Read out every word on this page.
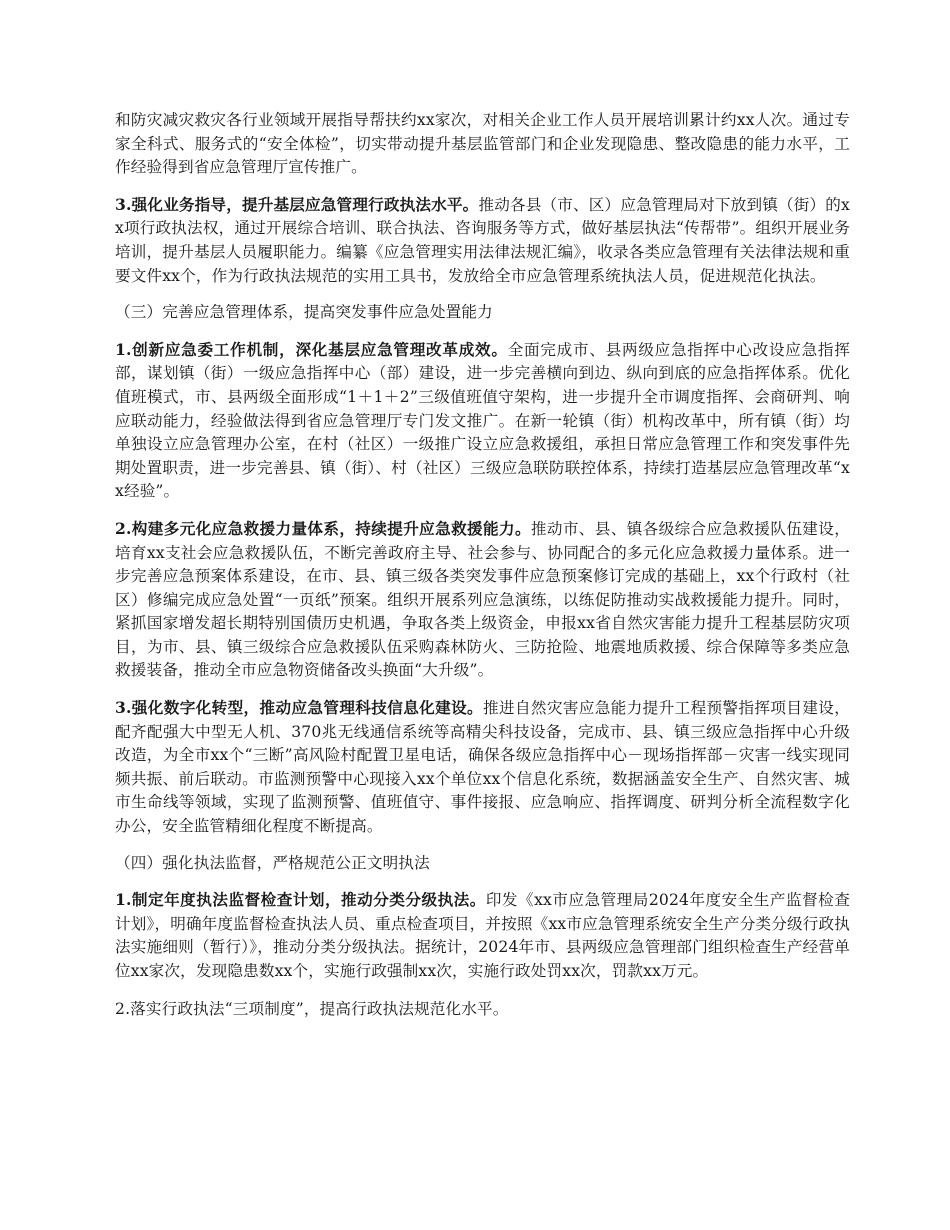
和防灾减灾救灾各行业领域开展指导帮扶约xx家次，对相关企业工作人员开展培训累计约xx人次。通过专家全科式、服务式的“安全体检”，切实带动提升基层监管部门和企业发现隐患、整改隐患的能力水平，工作经验得到省应急管理厅宣传推广。

3.强化业务指导，提升基层应急管理行政执法水平。推动各县（市、区）应急管理局对下放到镇（街）的xx项行政执法权，通过开展综合培训、联合执法、咨询服务等方式，做好基层执法“传帮带”。组织开展业务培训，提升基层人员履职能力。编纂《应急管理实用法律法规汇编》，收录各类应急管理有关法律法规和重要文件xx个，作为行政执法规范的实用工具书，发放给全市应急管理系统执法人员，促进规范化执法。

（三）完善应急管理体系，提高突发事件应急处置能力

1.创新应急委工作机制，深化基层应急管理改革成效。全面完成市、县两级应急指挥中心改设应急指挥部，谋划镇（街）一级应急指挥中心（部）建设，进一步完善横向到边、纵向到底的应急指挥体系。优化值班模式，市、县两级全面形成“1＋1＋2”三级值班值守架构，进一步提升全市调度指挥、会商研判、响应联动能力，经验做法得到省应急管理厅专门发文推广。在新一轮镇（街）机构改革中，所有镇（街）均单独设立应急管理办公室，在村（社区）一级推广设立应急救援组，承担日常应急管理工作和突发事件先期处置职责，进一步完善县、镇（街）、村（社区）三级应急联防联控体系，持续打造基层应急管理改革“xx经验”。

2.构建多元化应急救援力量体系，持续提升应急救援能力。推动市、县、镇各级综合应急救援队伍建设，培育xx支社会应急救援队伍，不断完善政府主导、社会参与、协同配合的多元化应急救援力量体系。进一步完善应急预案体系建设，在市、县、镇三级各类突发事件应急预案修订完成的基础上，xx个行政村（社区）修编完成应急处置“一页纸”预案。组织开展系列应急演练，以练促防推动实战救援能力提升。同时，紧抓国家增发超长期特别国债历史机遇，争取各类上级资金，申报xx省自然灾害能力提升工程基层防灾项目，为市、县、镇三级综合应急救援队伍采购森林防火、三防抢险、地震地质救援、综合保障等多类应急救援装备，推动全市应急物资储备改头换面“大升级”。

3.强化数字化转型，推动应急管理科技信息化建设。推进自然灾害应急能力提升工程预警指挥项目建设，配齐配强大中型无人机、370兆无线通信系统等高精尖科技设备，完成市、县、镇三级应急指挥中心升级改造，为全市xx个“三断”高风险村配置卫星电话，确保各级应急指挥中心－现场指挥部－灾害一线实现同频共振、前后联动。市监测预警中心现接入xx个单位xx个信息化系统，数据涵盖安全生产、自然灾害、城市生命线等领域，实现了监测预警、值班值守、事件接报、应急响应、指挥调度、研判分析全流程数字化办公，安全监管精细化程度不断提高。

（四）强化执法监督，严格规范公正文明执法

1.制定年度执法监督检查计划，推动分类分级执法。印发《xx市应急管理局2024年度安全生产监督检查计划》，明确年度监督检查执法人员、重点检查项目，并按照《xx市应急管理系统安全生产分类分级行政执法实施细则（暂行）》，推动分类分级执法。据统计，2024年市、县两级应急管理部门组织检查生产经营单位xx家次，发现隐患数xx个，实施行政强制xx次，实施行政处罚xx次，罚款xx万元。

2.落实行政执法“三项制度”，提高行政执法规范化水平。
